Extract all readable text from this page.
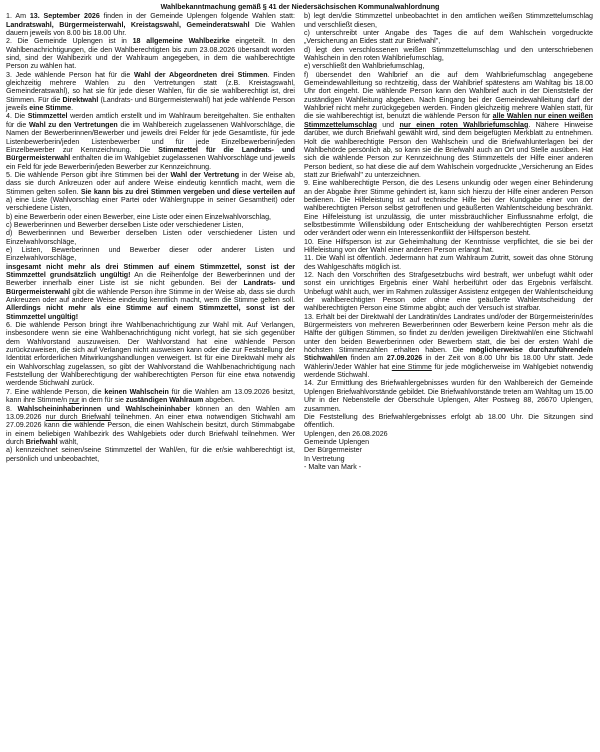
Wahlbekanntmachung gemäß § 41 der Niedersächsischen Kommunalwahlordnung

1. Am 13. September 2026 finden in der Gemeinde Uplengen folgende Wahlen statt: Landratswahl, Bürgermeisterwahl, Kreistagswahl, Gemeinderatswahl Die Wahlen dauern jeweils von 8.00 bis 18.00 Uhr.

2. Die Gemeinde Uplengen ist in 18 allgemeine Wahlbezirke eingeteilt. In den Wahlbenachrichtigungen, die den Wahlberechtigten bis zum 23.08.2026 übersandt worden sind, sind der Wahlbezirk und der Wahlraum angegeben, in dem die wahlberechtigte Person zu wählen hat.

3. Jede wählende Person hat für die Wahl der Abgeordneten drei Stimmen. Finden gleichzeitig mehrere Wahlen zu den Vertretungen statt (z.B. Kreistagswahl, Gemeinderatswahl), so hat sie für jede dieser Wahlen, für die sie wahlberechtigt ist, drei Stimmen. Für die Direktwahl (Landrats- und Bürgermeisterwahl) hat jede wählende Person jeweils eine Stimme.

4. Die Stimmzettel werden amtlich erstellt und im Wahlraum bereitgehalten. Sie enthalten für die Wahl zu den Vertretungen die im Wahlbereich zugelassenen Wahlvorschläge, die Namen der Bewerberinnen/Bewerber und jeweils drei Felder für jede Gesamtliste, für jede Listenbewerberin/jeden Listenbewerber und für jede Einzelbewerberin/jeden Einzelbewerber zur Kennzeichnung. Die Stimmzettel für die Landrats- und Bürgermeisterwahl enthalten die im Wahlgebiet zugelassenen Wahlvorschläge und jeweils ein Feld für jede Bewerberin/jeden Bewerber zur Kennzeichnung.

5. Die wählende Person gibt ihre Stimmen bei der Wahl der Vertretung in der Weise ab, dass sie durch Ankreuzen oder auf andere Weise eindeutig kenntlich macht, wem die Stimmen gelten sollen. Sie kann bis zu drei Stimmen vergeben und diese verteilen auf a) eine Liste (Wahlvorschlag einer Partei oder Wählergruppe in seiner Gesamtheit) oder verschiedene Listen,

b) eine Bewerberin oder einen Bewerber, eine Liste oder einen Einzelwahlvorschlag,

c) Bewerberinnen und Bewerber derselben Liste oder verschiedener Listen,

d) Bewerberinnen und Bewerber derselben Listen oder verschiedener Listen und Einzelwahlvorschläge,

e) Listen, Bewerberinnen und Bewerber dieser oder anderer Listen und Einzelwahlvorschläge,

insgesamt nicht mehr als drei Stimmen auf einem Stimmzettel, sonst ist der Stimmzettel grundsätzlich ungültig! An die Reihenfolge der Bewerberinnen und der Bewerber innerhalb einer Liste ist sie nicht gebunden. Bei der Landrats- und Bürgermeisterwahl gibt die wählende Person ihre Stimme in der Weise ab, dass sie durch Ankreuzen oder auf andere Weise eindeutig kenntlich macht, wem die Stimme gelten soll. Allerdings nicht mehr als eine Stimme auf einem Stimmzettel, sonst ist der Stimmzettel ungültig!

6. Die wählende Person bringt ihre Wahlbenachrichtigung zur Wahl mit. Auf Verlangen, insbesondere wenn sie eine Wahlbenachrichtigung nicht vorlegt, hat sie sich gegenüber dem Wahlvorstand auszuweisen. Der Wahlvorstand hat eine wählende Person zurückzuweisen, die sich auf Verlangen nicht ausweisen kann oder die zur Feststellung der Identität erforderlichen Mitwirkungshandlungen verweigert. Ist für eine Direktwahl mehr als ein Wahlvorschlag zugelassen, so gibt der Wahlvorstand die Wahlbenachrichtigung nach Feststellung der Wahlberechtigung der wahlberechtigten Person für eine etwa notwendig werdende Stichwahl zurück.

7. Eine wählende Person, die keinen Wahlschein für die Wahlen am 13.09.2026 besitzt, kann ihre Stimme/n nur in dem für sie zuständigen Wahlraum abgeben.

8. Wahlscheininhaberinnen und Wahlscheininhaber können an den Wahlen am 13.09.2026 nur durch Briefwahl teilnehmen. An einer etwa notwendigen Stichwahl am 27.09.2026 kann die wählende Person, die einen Wahlschein besitzt, durch Stimmabgabe in einem beliebigen Wahlbezirk des Wahlgebiets oder durch Briefwahl teilnehmen. Wer durch Briefwahl wählt,

a) kennzeichnet seinen/seine Stimmzettel der Wahl/en, für die er/sie wahlberechtigt ist, persönlich und unbeobachtet,

b) legt den/die Stimmzettel unbeobachtet in den amtlichen weißen Stimmzettelumschlag und verschließt diesen,

c) unterschreibt unter Angabe des Tages die auf dem Wahlschein vorgedruckte „Versicherung an Eides statt zur Briefwahl",

d) legt den verschlossenen weißen Stimmzettelumschlag und den unterschriebenen Wahlschein in den roten Wahlbriefumschlag,

e) verschließt den Wahlbriefumschlag,

f) übersendet den Wahlbrief an die auf dem Wahlbriefumschlag angegebene Gemeindewahlleitung so rechtzeitig, dass der Wahlbrief spätestens am Wahltag bis 18.00 Uhr dort eingeht. Die wählende Person kann den Wahlbrief auch in der Dienststelle der zuständigen Wahlleitung abgeben. Nach Eingang bei der Gemeindewahlleitung darf der Wahlbrief nicht mehr zurückgegeben werden. Finden gleichzeitig mehrere Wahlen statt, für die sie wahlberechtigt ist, benutzt die wählende Person für alle Wahlen nur einen weißen Stimmzettelumschlag und nur einen roten Wahlbriefumschlag. Nähere Hinweise darüber, wie durch Briefwahl gewählt wird, sind dem beigefügten Merkblatt zu entnehmen. Holt die wahlberechtigte Person den Wahlschein und die Briefwahlunterlagen bei der Wahlbehörde persönlich ab, so kann sie die Briefwahl auch an Ort und Stelle ausüben. Hat sich die wählende Person zur Kennzeichnung des Stimmzettels der Hilfe einer anderen Person bedient, so hat diese die auf dem Wahlschein vorgedruckte „Versicherung an Eides statt zur Briefwahl" zu unterzeichnen.

9. Eine wahlberechtigte Person, die des Lesens unkundig oder wegen einer Behinderung an der Abgabe ihrer Stimme gehindert ist, kann sich hierzu der Hilfe einer anderen Person bedienen. Die Hilfeleistung ist auf technische Hilfe bei der Kundgabe einer von der wahlberechtigten Person selbst getroffenen und geäußerten Wahlentscheidung beschränkt. Eine Hilfeleistung ist unzulässig, die unter missbräuchlicher Einflussnahme erfolgt, die selbstbestimmte Willensbildung oder Entscheidung der wahlberechtigten Person ersetzt oder verändert oder wenn ein Interessenkonflikt der Hilfsperson besteht.

10. Eine Hilfsperson ist zur Geheimhaltung der Kenntnisse verpflichtet, die sie bei der Hilfeleistung von der Wahl einer anderen Person erlangt hat.

11. Die Wahl ist öffentlich. Jedermann hat zum Wahlraum Zutritt, soweit das ohne Störung des Wahlgeschäfts möglich ist.

12. Nach den Vorschriften des Strafgesetzbuchs wird bestraft, wer unbefugt wählt oder sonst ein unrichtiges Ergebnis einer Wahl herbeiführt oder das Ergebnis verfälscht. Unbefugt wählt auch, wer im Rahmen zulässiger Assistenz entgegen der Wahlentscheidung der wahlberechtigten Person oder ohne eine geäußerte Wahlentscheidung der wahlberechtigten Person eine Stimme abgibt; auch der Versuch ist strafbar.

13. Erhält bei der Direktwahl der Landrätin/des Landrates und/oder der Bürgermeisterin/des Bürgermeisters von mehreren Bewerberinnen oder Bewerbern keine Person mehr als die Hälfte der gültigen Stimmen, so findet zu der/den jeweiligen Direktwahl/en eine Stichwahl unter den beiden Bewerberinnen oder Bewerbern statt, die bei der ersten Wahl die höchsten Stimmenzahlen erhalten haben. Die möglicherweise durchzuführende/n Stichwahl/en finden am 27.09.2026 in der Zeit von 8.00 Uhr bis 18.00 Uhr statt. Jede Wählerin/Jeder Wähler hat eine Stimme für jede möglicherweise im Wahlgebiet notwendig werdende Stichwahl.

14. Zur Ermittlung des Briefwahlergebnisses wurden für den Wahlbereich der Gemeinde Uplengen Briefwahlvorstände gebildet. Die Briefwahlvorstände treten am Wahltag um 15.00 Uhr in der Nebenstelle der Oberschule Uplengen, Alter Postweg 88, 26670 Uplengen, zusammen.

Die Feststellung des Briefwahlergebnisses erfolgt ab 18.00 Uhr. Die Sitzungen sind öffentlich.

Uplengen, den 26.08.2026

Gemeinde Uplengen

Der Bürgermeister

In Vertretung

- Malte van Mark -
